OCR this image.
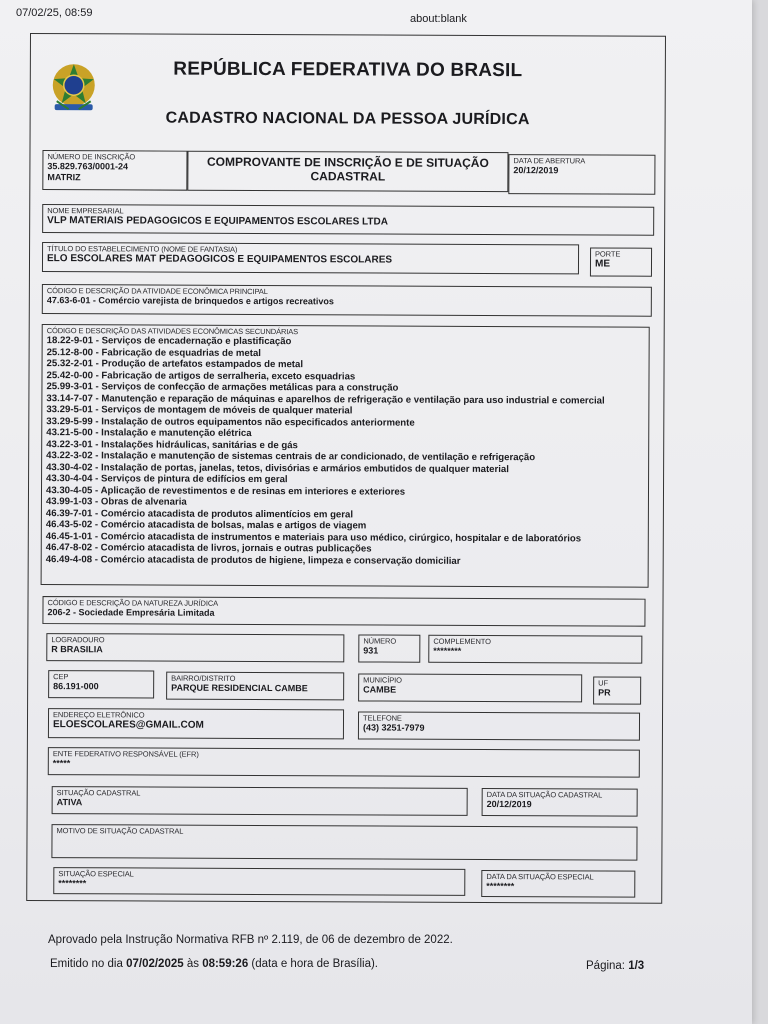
07/02/25, 08:59	about:blank
REPÚBLICA FEDERATIVA DO BRASIL
CADASTRO NACIONAL DA PESSOA JURÍDICA
NÚMERO DE INSCRIÇÃO
35.829.763/0001-24
MATRIZ
COMPROVANTE DE INSCRIÇÃO E DE SITUAÇÃO
CADASTRAL
DATA DE ABERTURA
20/12/2019
NOME EMPRESARIAL
VLP MATERIAIS PEDAGOGICOS E EQUIPAMENTOS ESCOLARES LTDA
TÍTULO DO ESTABELECIMENTO (NOME DE FANTASIA)
ELO ESCOLARES MAT PEDAGOGICOS E EQUIPAMENTOS ESCOLARES	PORTE
ME
CÓDIGO E DESCRIÇÃO DA ATIVIDADE ECONÔMICA PRINCIPAL
47.63-6-01 - Comércio varejista de brinquedos e artigos recreativos
CÓDIGO E DESCRIÇÃO DAS ATIVIDADES ECONÔMICAS SECUNDÁRIAS
18.22-9-01 - Serviços de encadernação e plastificação
25.12-8-00 - Fabricação de esquadrias de metal
25.32-2-01 - Produção de artefatos estampados de metal
25.42-0-00 - Fabricação de artigos de serralheria, exceto esquadrias
25.99-3-01 - Serviços de confecção de armações metálicas para a construção
33.14-7-07 - Manutenção e reparação de máquinas e aparelhos de refrigeração e ventilação para uso industrial e comercial
33.29-5-01 - Serviços de montagem de móveis de qualquer material
33.29-5-99 - Instalação de outros equipamentos não especificados anteriormente
43.21-5-00 - Instalação e manutenção elétrica
43.22-3-01 - Instalações hidráulicas, sanitárias e de gás
43.22-3-02 - Instalação e manutenção de sistemas centrais de ar condicionado, de ventilação e refrigeração
43.30-4-02 - Instalação de portas, janelas, tetos, divisórias e armários embutidos de qualquer material
43.30-4-04 - Serviços de pintura de edifícios em geral
43.30-4-05 - Aplicação de revestimentos e de resinas em interiores e exteriores
43.99-1-03 - Obras de alvenaria
46.39-7-01 - Comércio atacadista de produtos alimentícios em geral
46.43-5-02 - Comércio atacadista de bolsas, malas e artigos de viagem
46.45-1-01 - Comércio atacadista de instrumentos e materiais para uso médico, cirúrgico, hospitalar e de laboratórios
46.47-8-02 - Comércio atacadista de livros, jornais e outras publicações
46.49-4-08 - Comércio atacadista de produtos de higiene, limpeza e conservação domiciliar
CÓDIGO E DESCRIÇÃO DA NATUREZA JURÍDICA
206-2 - Sociedade Empresária Limitada
LOGRADOURO
R BRASILIA
NÚMERO
931
COMPLEMENTO
********
CEP
86.191-000
BAIRRO/DISTRITO
PARQUE RESIDENCIAL CAMBE
MUNICÍPIO
CAMBE
UF
PR
ENDEREÇO ELETRÔNICO
ELOESCOLARES@GMAIL.COM
TELEFONE
(43) 3251-7979
ENTE FEDERATIVO RESPONSÁVEL (EFR)
*****
SITUAÇÃO CADASTRAL
ATIVA
DATA DA SITUAÇÃO CADASTRAL
20/12/2019
MOTIVO DE SITUAÇÃO CADASTRAL
SITUAÇÃO ESPECIAL
********
DATA DA SITUAÇÃO ESPECIAL
********
Aprovado pela Instrução Normativa RFB nº 2.119, de 06 de dezembro de 2022.
Emitido no dia 07/02/2025 às 08:59:26 (data e hora de Brasília).	Página: 1/3
